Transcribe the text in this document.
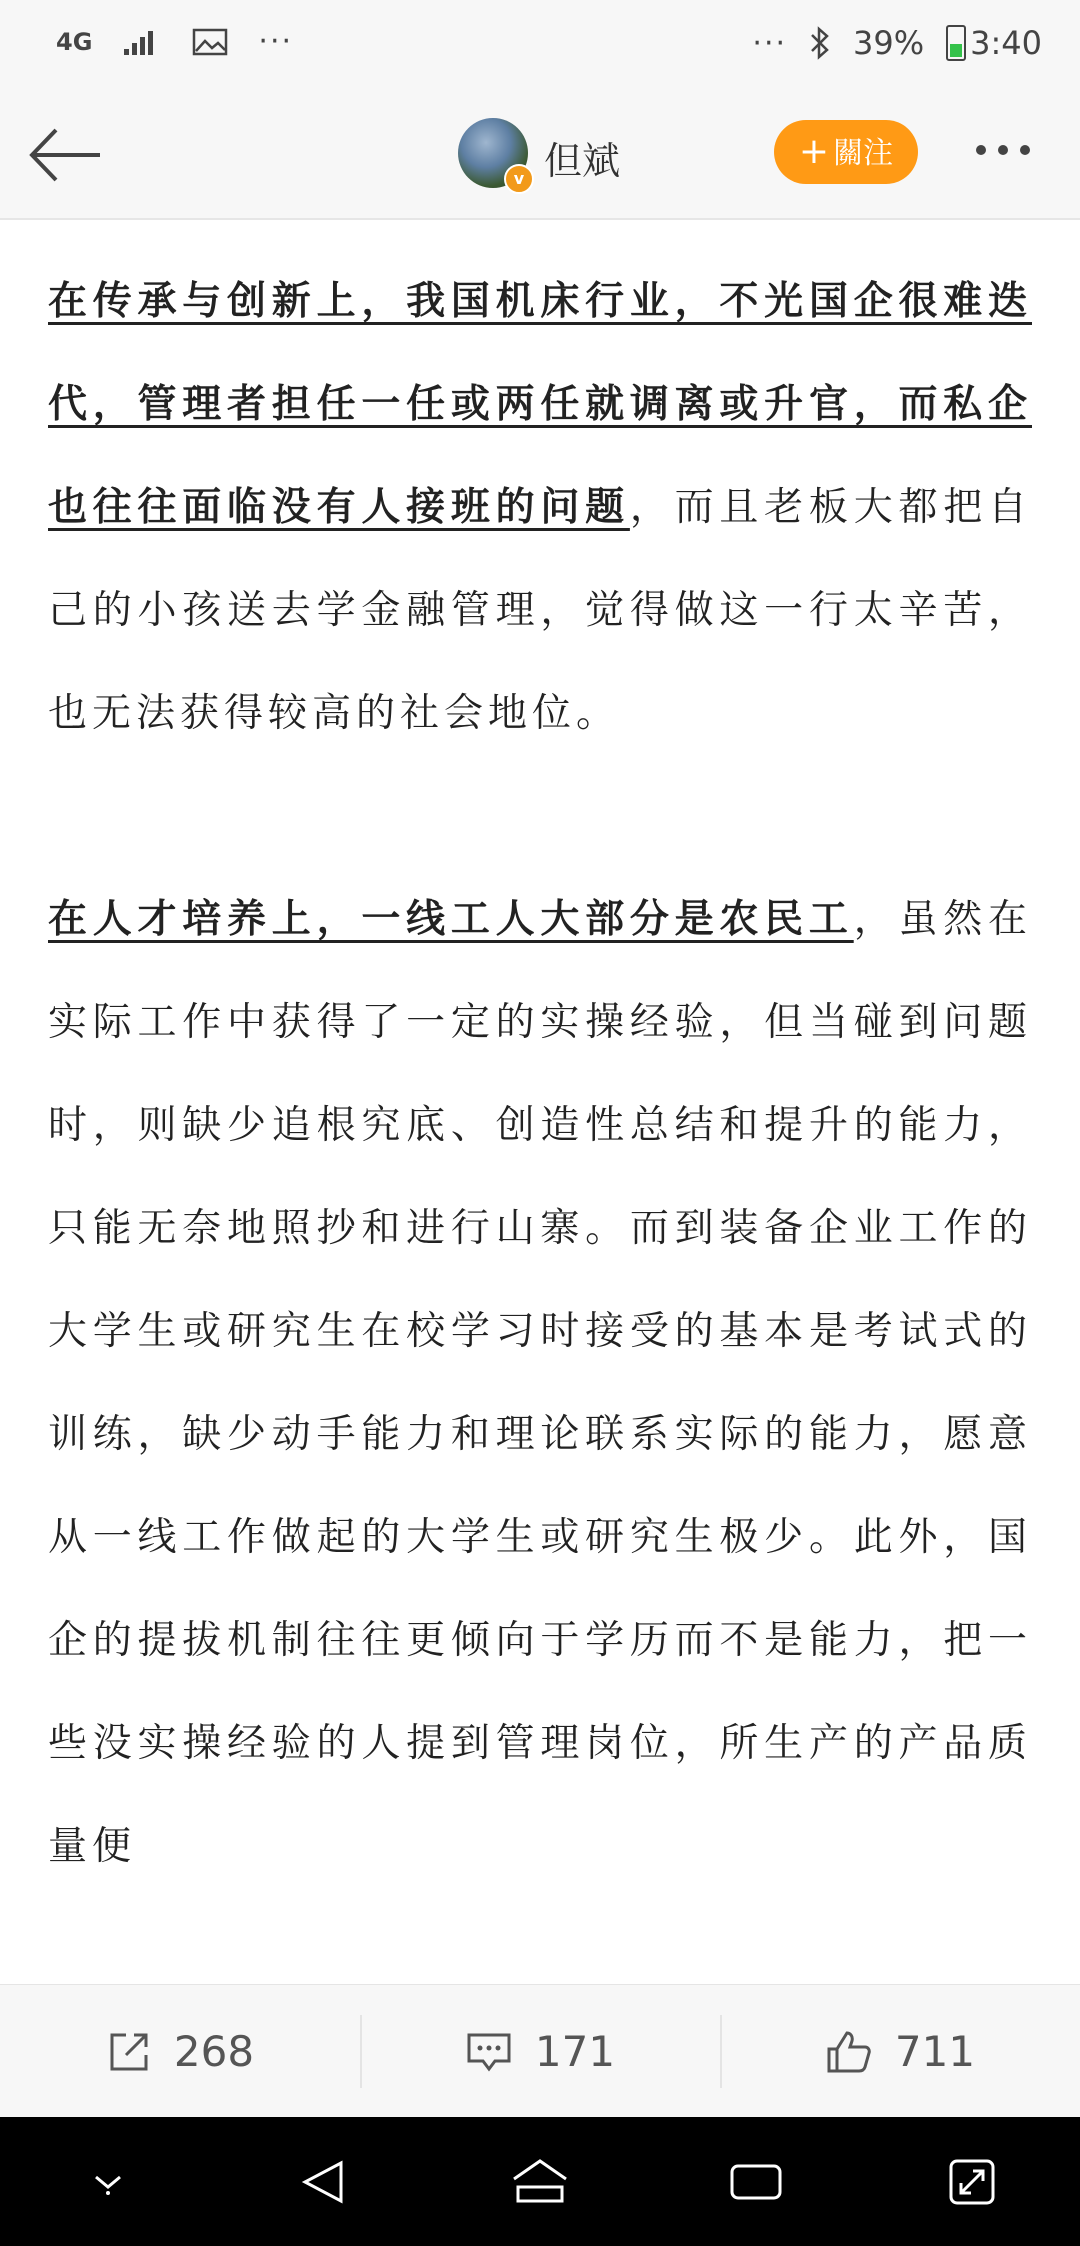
4G	···	··· 39% 3:40
v 但斌	+ 關注

在传承与创新上，我国机床行业，不光国企很难迭代，管理者担任一任或两任就调离或升官，而私企也往往面临没有人接班的问题，而且老板大都把自己的小孩送去学金融管理，觉得做这一行太辛苦，也无法获得较高的社会地位。

在人才培养上，一线工人大部分是农民工，虽然在实际工作中获得了一定的实操经验，但当碰到问题时，则缺少追根究底、创造性总结和提升的能力，只能无奈地照抄和进行山寨。而到装备企业工作的大学生或研究生在校学习时接受的基本是考试式的训练，缺少动手能力和理论联系实际的能力，愿意从一线工作做起的大学生或研究生极少。此外，国企的提拔机制往往更倾向于学历而不是能力，把一些没实操经验的人提到管理岗位，所生产的产品质量便

268	171	711
